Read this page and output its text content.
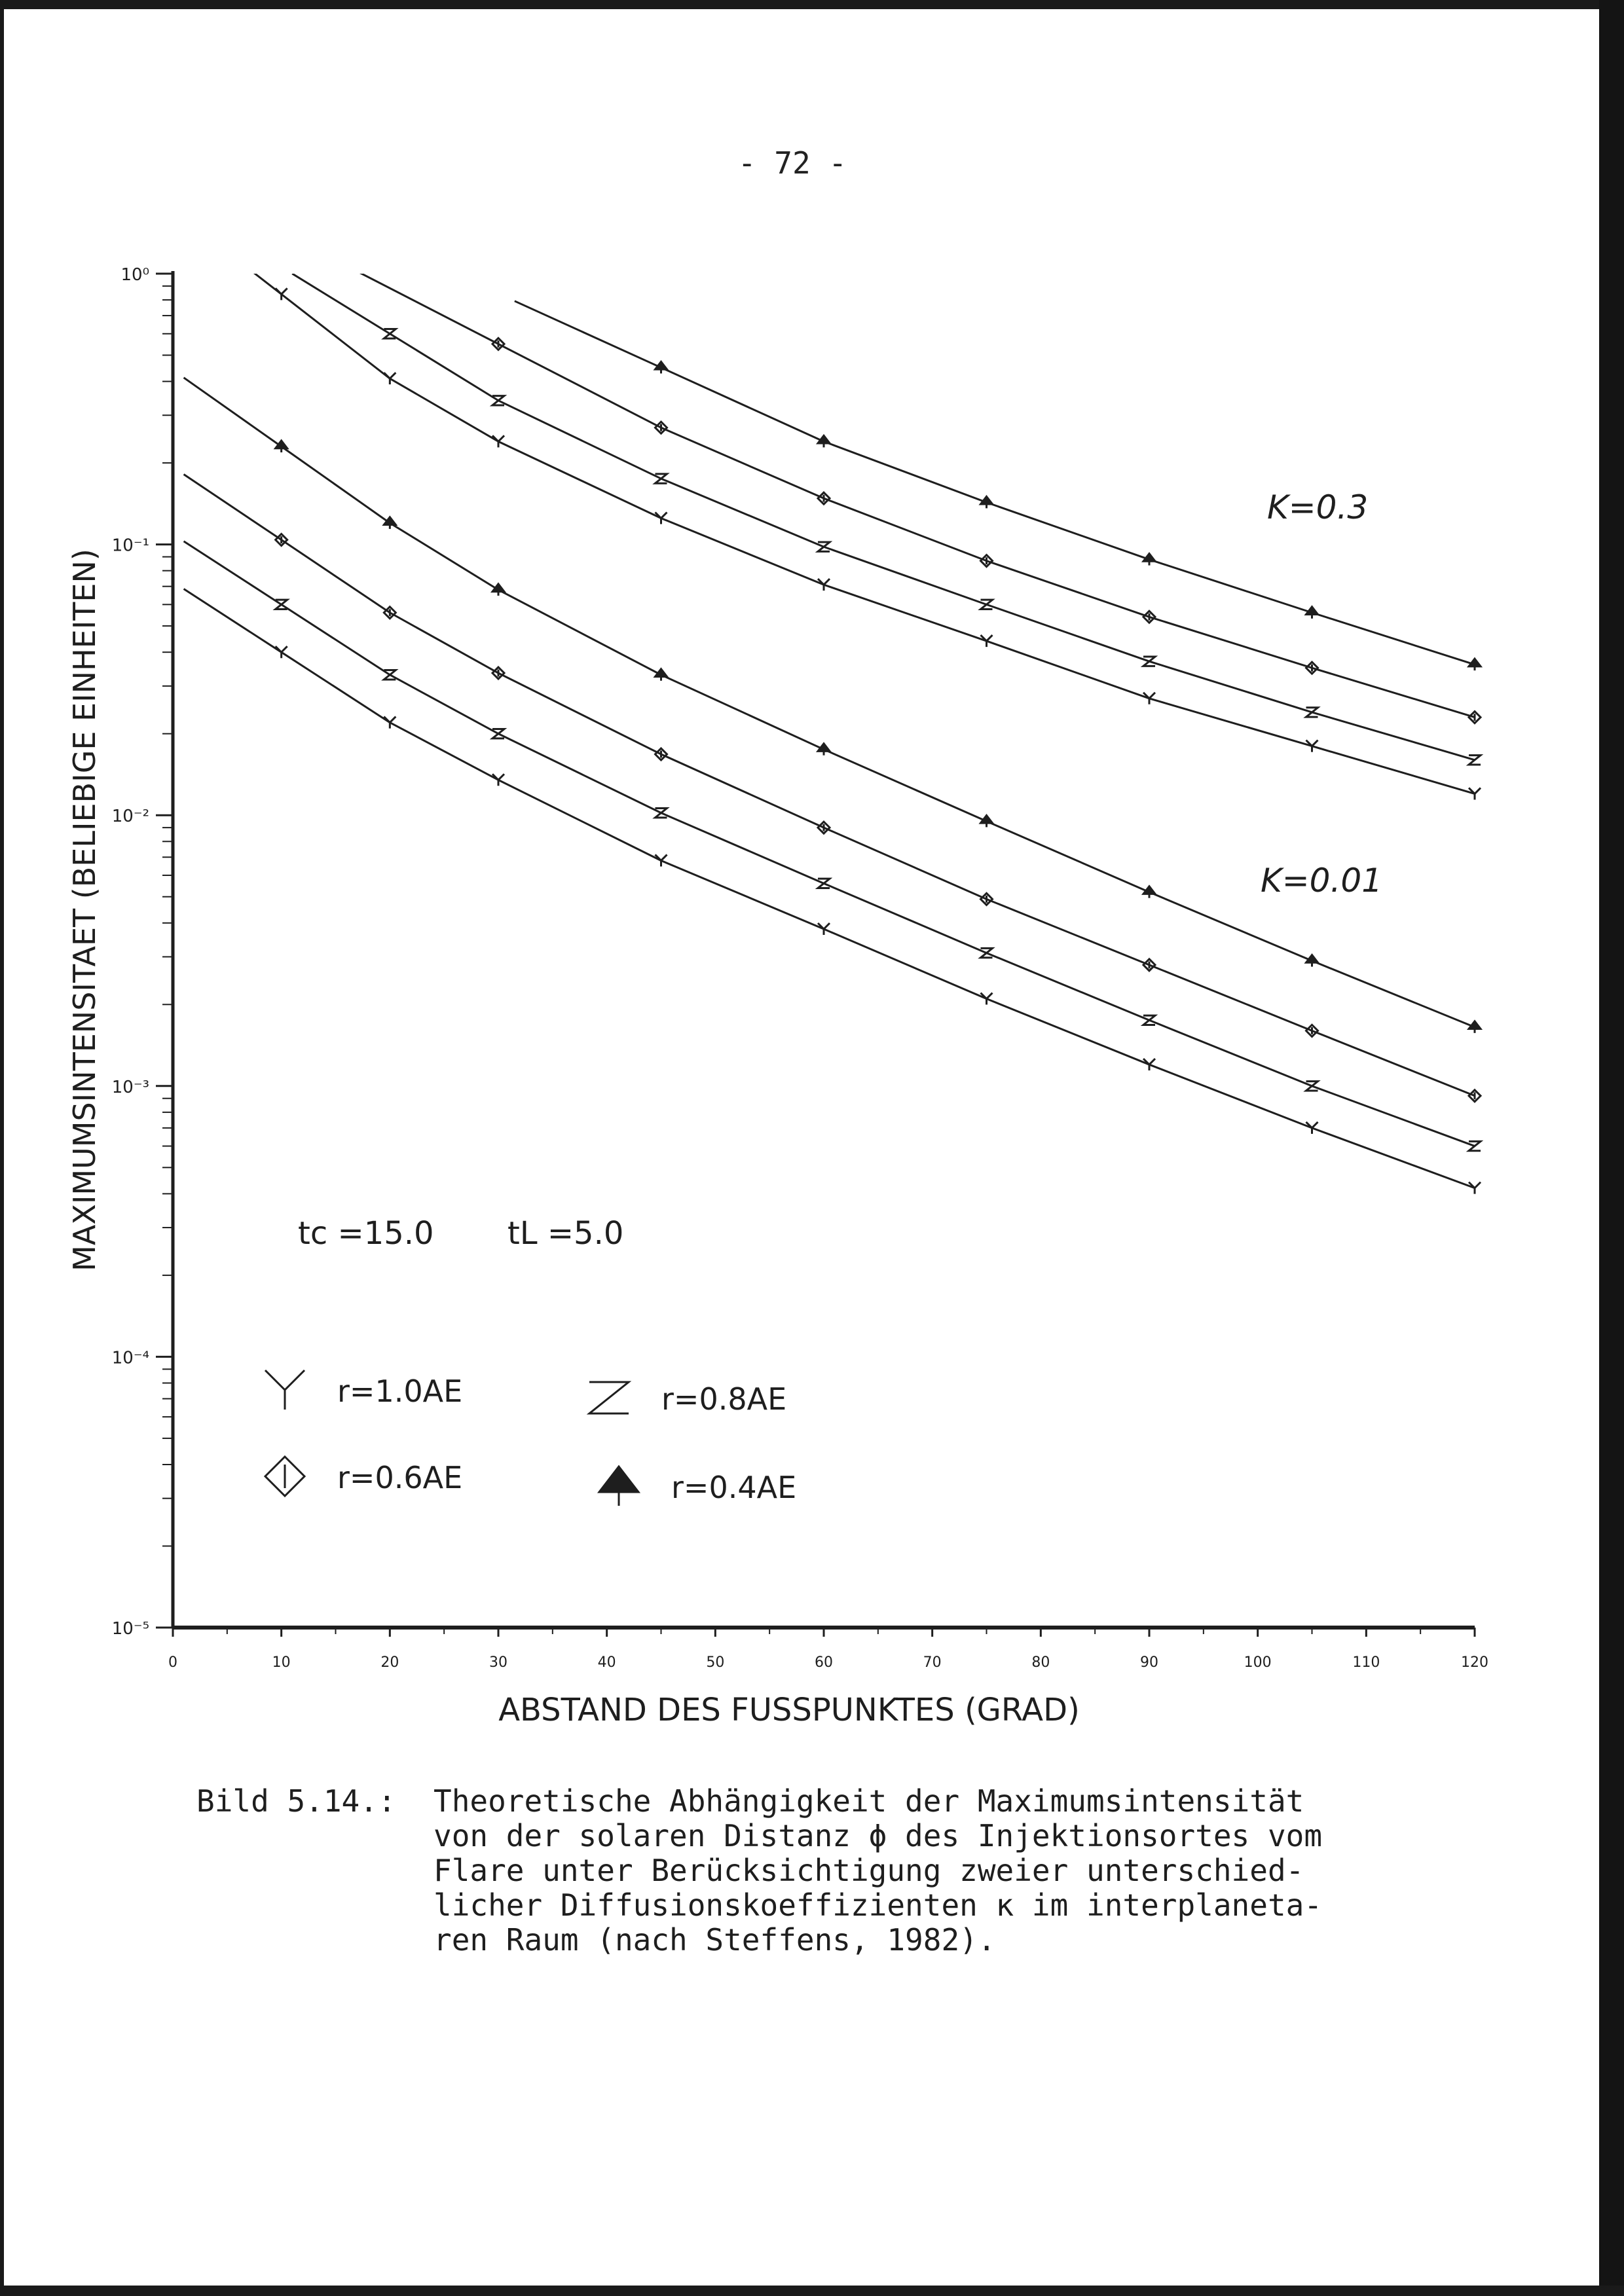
- 72 -
0	10	20	30	40	50	60	70	80	90	100	110	120
10⁰
10⁻¹
10⁻²
10⁻³
10⁻⁴
10⁻⁵
ABSTAND DES FUSSPUNKTES (GRAD)
MAXIMUMSINTENSITAET (BELIEBIGE EINHEITEN)
K=0.3
K=0.01
tc =15.0 tL =5.0
r=1.0AE	r=0.8AE
r=0.6AE	r=0.4AE
Bild 5.14.: Theoretische Abhängigkeit der Maximumsintensität
von der solaren Distanz ϕ des Injektionsortes vom
Flare unter Berücksichtigung zweier unterschied-
licher Diffusionskoeffizienten κ im interplaneta-
ren Raum (nach Steffens, 1982).
